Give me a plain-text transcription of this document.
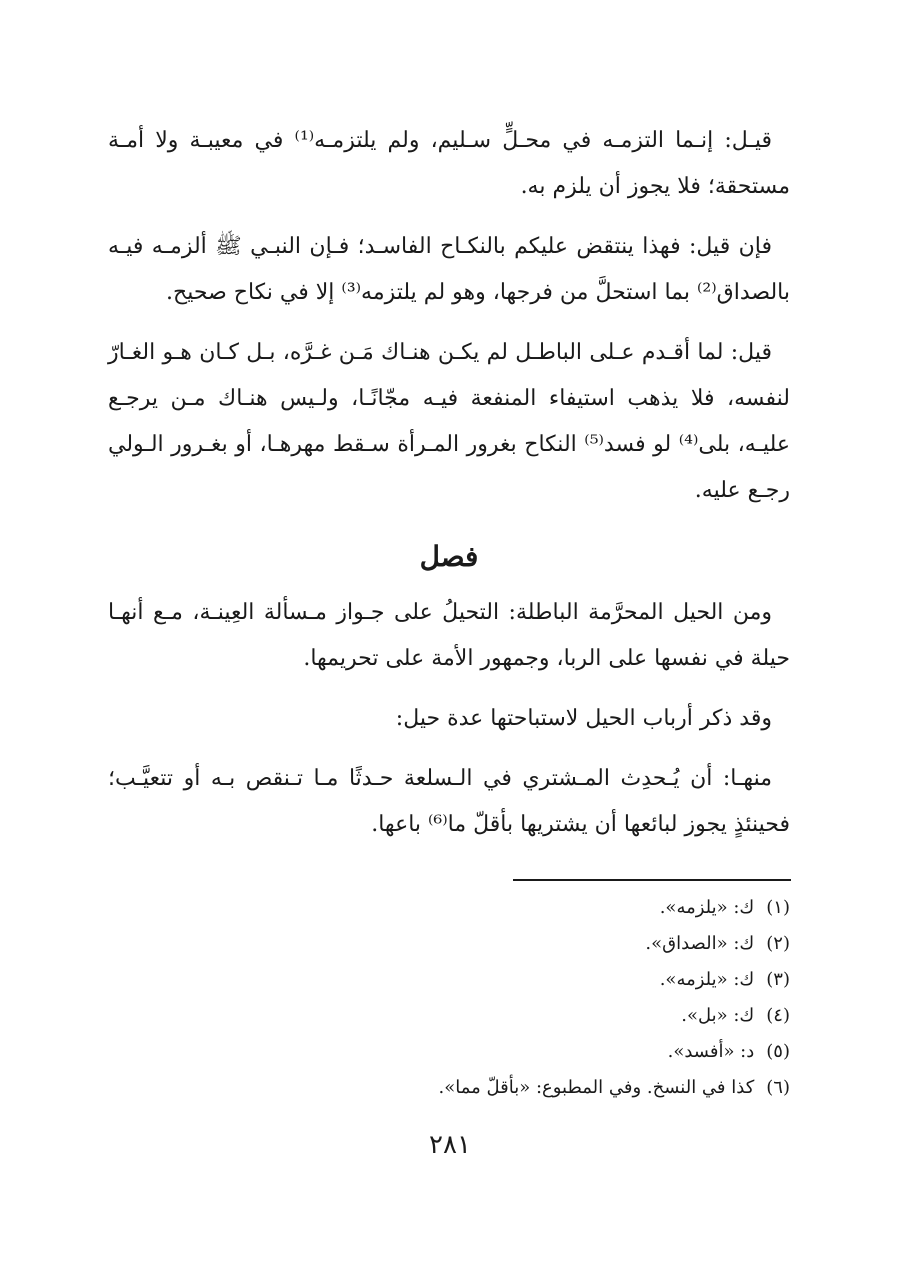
قيـل: إنـما التزمـه في محـلٍّ سـليم، ولم يلتزمـه⁽¹⁾ في معيبـة ولا أمـة مستحقة؛ فلا يجوز أن يلزم به.

فإن قيل: فهذا ينتقض عليكم بالنكـاح الفاسـد؛ فـإن النبـي ﷺ ألزمـه فيـه بالصداق⁽²⁾ بما استحلَّ من فرجها، وهو لم يلتزمه⁽³⁾ إلا في نكاح صحيح.

قيل: لما أقـدم عـلى الباطـل لم يكـن هنـاك مَـن غـرَّه، بـل كـان هـو الغـارّ لنفسه، فلا يذهب استيفاء المنفعة فيـه مجّانًـا، ولـيس هنـاك مـن يرجـع عليـه، بلى⁽⁴⁾ لو فسد⁽⁵⁾ النكاح بغرور المـرأة سـقط مهرهـا، أو بغـرور الـولي رجـع عليه.

فصل

ومن الحيل المحرَّمة الباطلة: التحيلُ على جـواز مـسألة العِينـة، مـع أنهـا حيلة في نفسها على الربا، وجمهور الأمة على تحريمها.

وقد ذكر أرباب الحيل لاستباحتها عدة حيل:

منهـا: أن يُـحدِث المـشتري في الـسلعة حـدثًا مـا تـنقص بـه أو تتعيَّـب؛ فحينئذٍ يجوز لبائعها أن يشتريها بأقلّ ما⁽⁶⁾ باعها.

(١)ك: «يلزمه».
(٢)ك: «الصداق».
(٣)ك: «يلزمه».
(٤)ك: «بل».
(٥)د: «أفسد».
(٦)كذا في النسخ. وفي المطبوع: «بأقلّ مما».
٢٨١
